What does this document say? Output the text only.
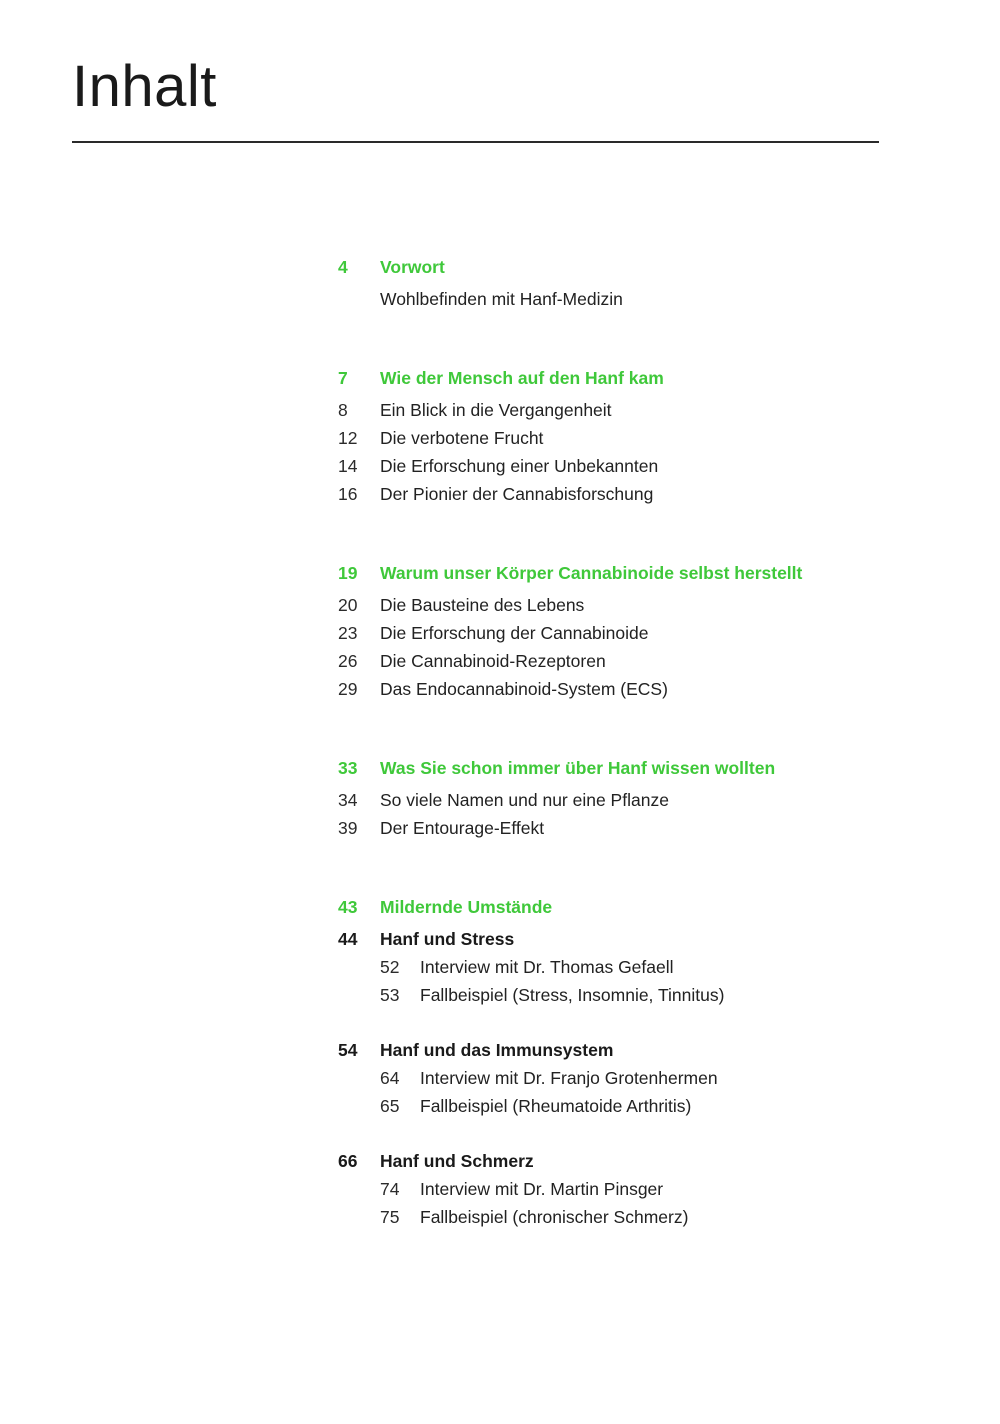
Inhalt
4	Vorwort
Wohlbefinden mit Hanf-Medizin
7	Wie der Mensch auf den Hanf kam
8	Ein Blick in die Vergangenheit
12	Die verbotene Frucht
14	Die Erforschung einer Unbekannten
16	Der Pionier der Cannabisforschung
19	Warum unser Körper Cannabinoide selbst herstellt
20	Die Bausteine des Lebens
23	Die Erforschung der Cannabinoide
26	Die Cannabinoid-Rezeptoren
29	Das Endocannabinoid-System (ECS)
33	Was Sie schon immer über Hanf wissen wollten
34	So viele Namen und nur eine Pflanze
39	Der Entourage-Effekt
43	Mildernde Umstände
44	Hanf und Stress
52	Interview mit Dr. Thomas Gefaell
53	Fallbeispiel (Stress, Insomnie, Tinnitus)
54	Hanf und das Immunsystem
64	Interview mit Dr. Franjo Grotenhermen
65	Fallbeispiel (Rheumatoide Arthritis)
66	Hanf und Schmerz
74	Interview mit Dr. Martin Pinsger
75	Fallbeispiel (chronischer Schmerz)
